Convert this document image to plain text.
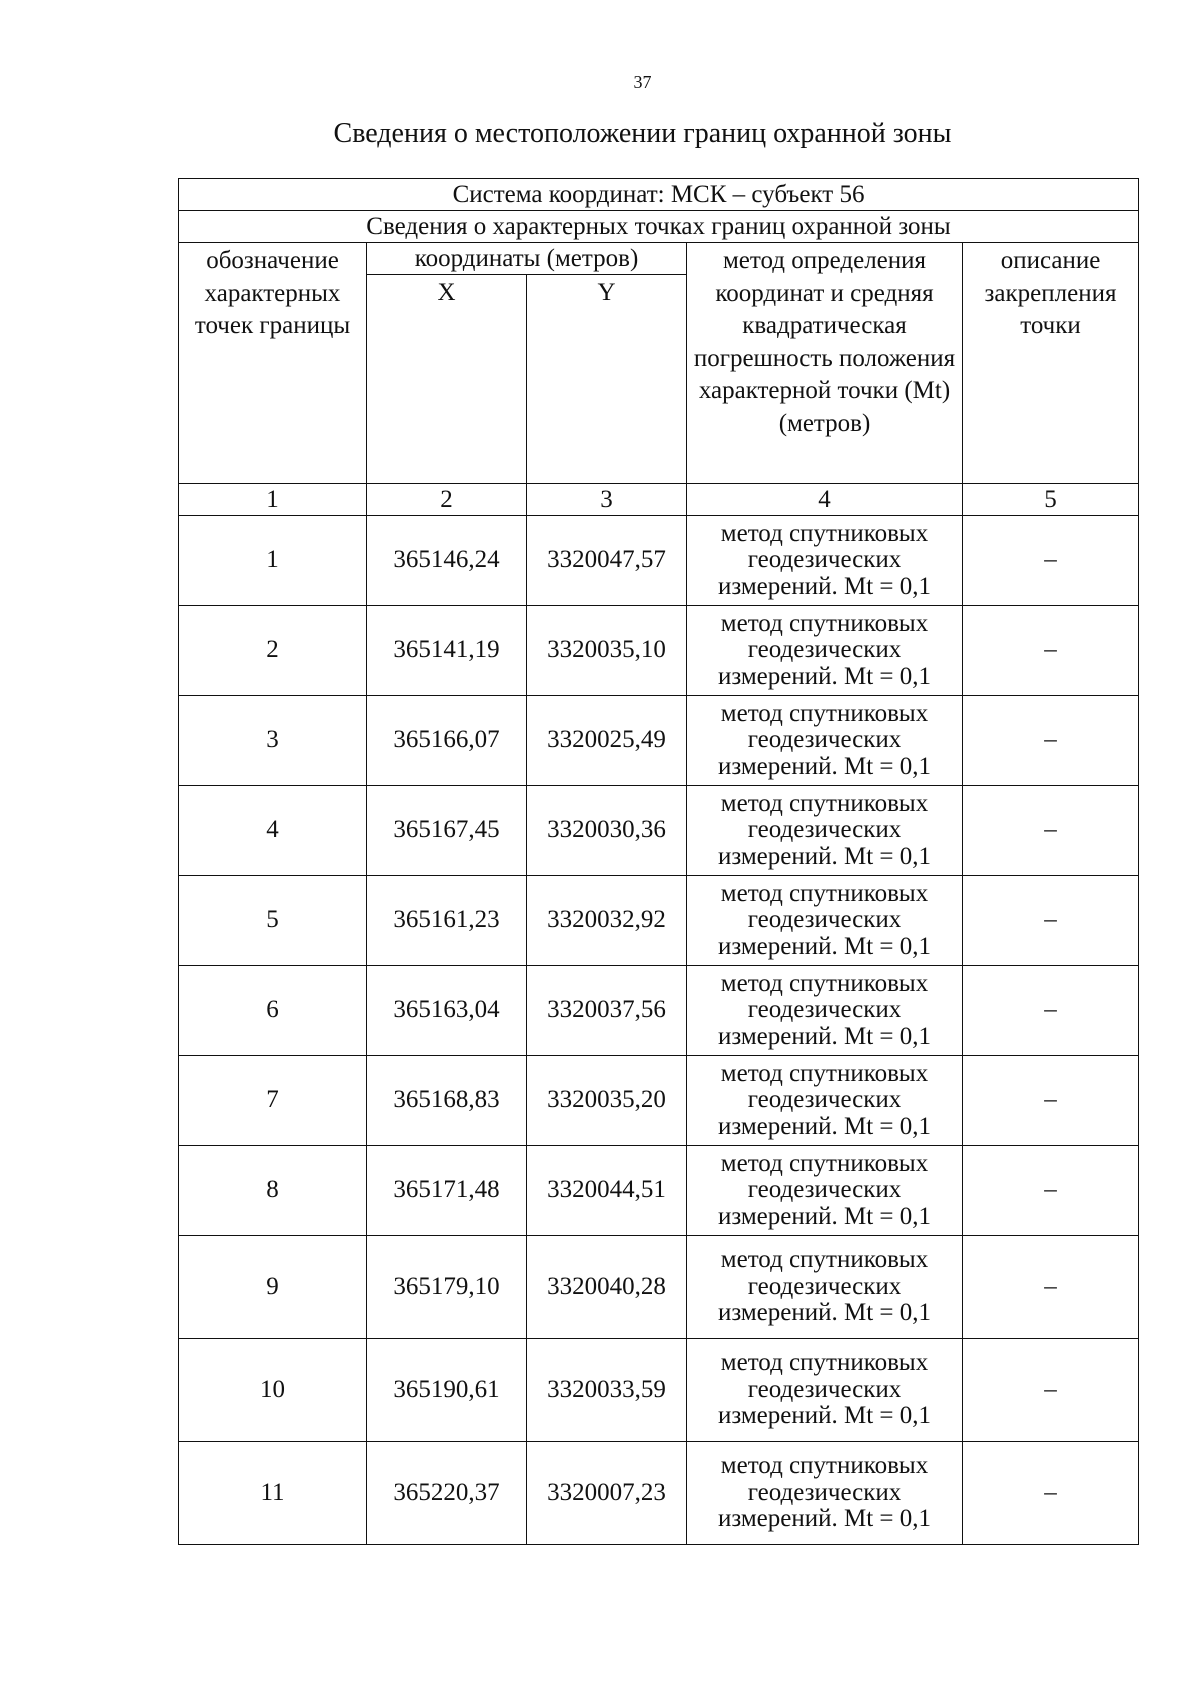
37
Сведения о местоположении границ охранной зоны
Система координат: МСК – субъект 56				
Сведения о характерных точках границ охранной зоны				
обозначение характерных точек границы	координаты (метров)		метод определения координат и средняя квадратическая погрешность положения характерной точки (Mt) (метров)	описание закрепления точки
	X	Y		
1	2	3	4	5
1	365146,24	3320047,57	метод спутниковых геодезических измерений. Mt = 0,1	–
2	365141,19	3320035,10	метод спутниковых геодезических измерений. Mt = 0,1	–
3	365166,07	3320025,49	метод спутниковых геодезических измерений. Mt = 0,1	–
4	365167,45	3320030,36	метод спутниковых геодезических измерений. Mt = 0,1	–
5	365161,23	3320032,92	метод спутниковых геодезических измерений. Mt = 0,1	–
6	365163,04	3320037,56	метод спутниковых геодезических измерений. Mt = 0,1	–
7	365168,83	3320035,20	метод спутниковых геодезических измерений. Mt = 0,1	–
8	365171,48	3320044,51	метод спутниковых геодезических измерений. Mt = 0,1	–
9	365179,10	3320040,28	метод спутниковых геодезических измерений. Mt = 0,1	–
10	365190,61	3320033,59	метод спутниковых геодезических измерений. Mt = 0,1	–
11	365220,37	3320007,23	метод спутниковых геодезических измерений. Mt = 0,1	–
